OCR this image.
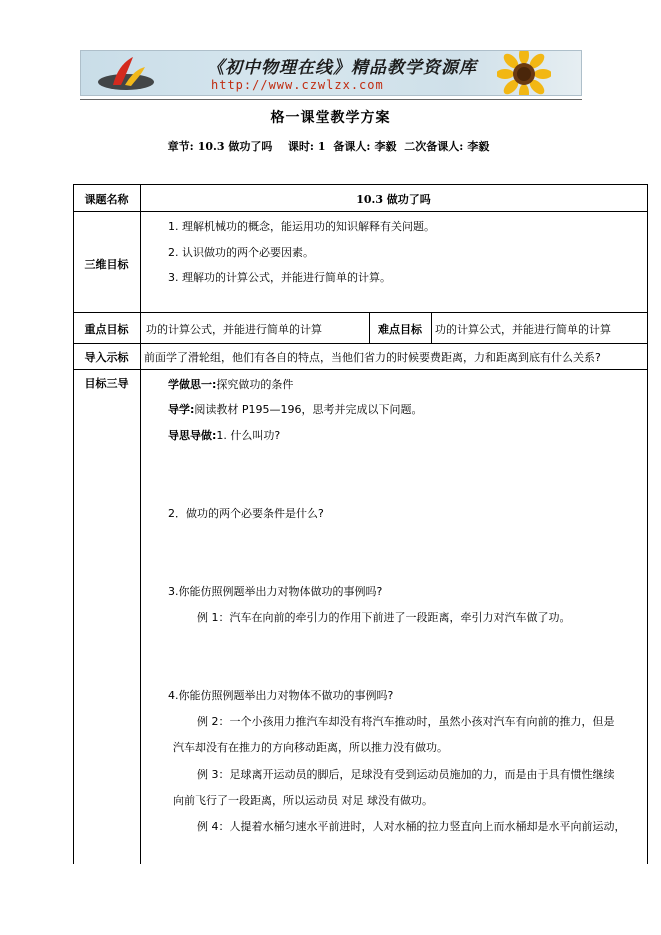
《初中物理在线》精品教学资源库
http://www.czwlzx.com
格一课堂教学方案
章节: 10.3 做功了吗 课时: 1 备课人: 李毅 二次备课人: 李毅
课题名称	10.3 做功了吗
三维目标
1. 理解机械功的概念，能运用功的知识解释有关问题。
2. 认识做功的两个必要因素。
3. 理解功的计算公式，并能进行简单的计算。
重点目标	功的计算公式，并能进行简单的计算	难点目标	功的计算公式，并能进行简单的计算
导入示标	前面学了滑轮组，他们有各自的特点，当他们省力的时候要费距离，力和距离到底有什么关系?
目标三导	学做思一:探究做功的条件
导学:阅读教材 P195—196，思考并完成以下问题。
导思导做:1. 什么叫功?
2．做功的两个必要条件是什么?
3.你能仿照例题举出力对物体做功的事例吗?
例 1：汽车在向前的牵引力的作用下前进了一段距离，牵引力对汽车做了功。
4.你能仿照例题举出力对物体不做功的事例吗?
例 2：一个小孩用力推汽车却没有将汽车推动时，虽然小孩对汽车有向前的推力，但是
汽车却没有在推力的方向移动距离，所以推力没有做功。
例 3：足球离开运动员的脚后，足球没有受到运动员施加的力，而是由于具有惯性继续
向前飞行了一段距离，所以运动员 对足 球没有做功。
例 4：人提着水桶匀速水平前进时，人对水桶的拉力竖直向上而水桶却是水平向前运动，
